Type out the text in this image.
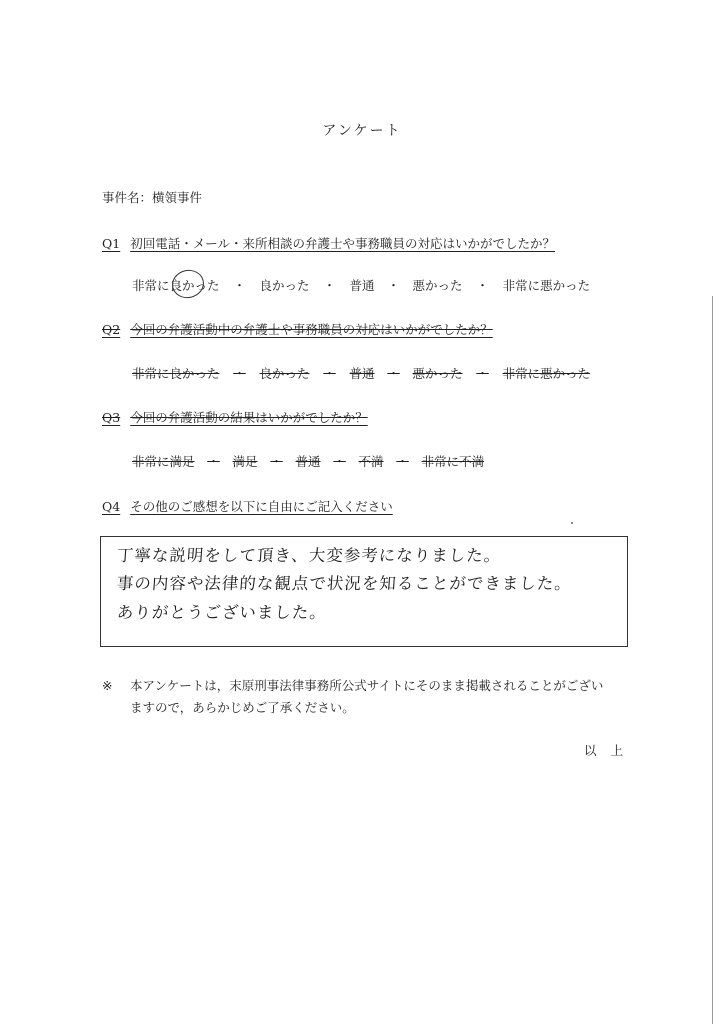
アンケート
事件名：横領事件
Q1 初回電話・メール・来所相談の弁護士や事務職員の対応はいかがでしたか？
非常に良かった	・	良かった	・	普通	・	悪かった	・	非常に悪かった
Q2 今回の弁護活動中の弁護士や事務職員の対応はいかがでしたか？
非常に良かった	・	良かった	・	普通	・	悪かった	・	非常に悪かった
Q3 今回の弁護活動の結果はいかがでしたか？
非常に満足	・	満足	・	普通	・	不満	・	非常に不満
Q4 その他のご感想を以下に自由にご記入ください
丁寧な説明をして頂き、大変参考になりました。
事の内容や法律的な観点で状況を知ることができました。
ありがとうございました。
※ 本アンケートは，末原刑事法律事務所公式サイトにそのまま掲載されることがござい
ますので，あらかじめご了承ください。
以上
